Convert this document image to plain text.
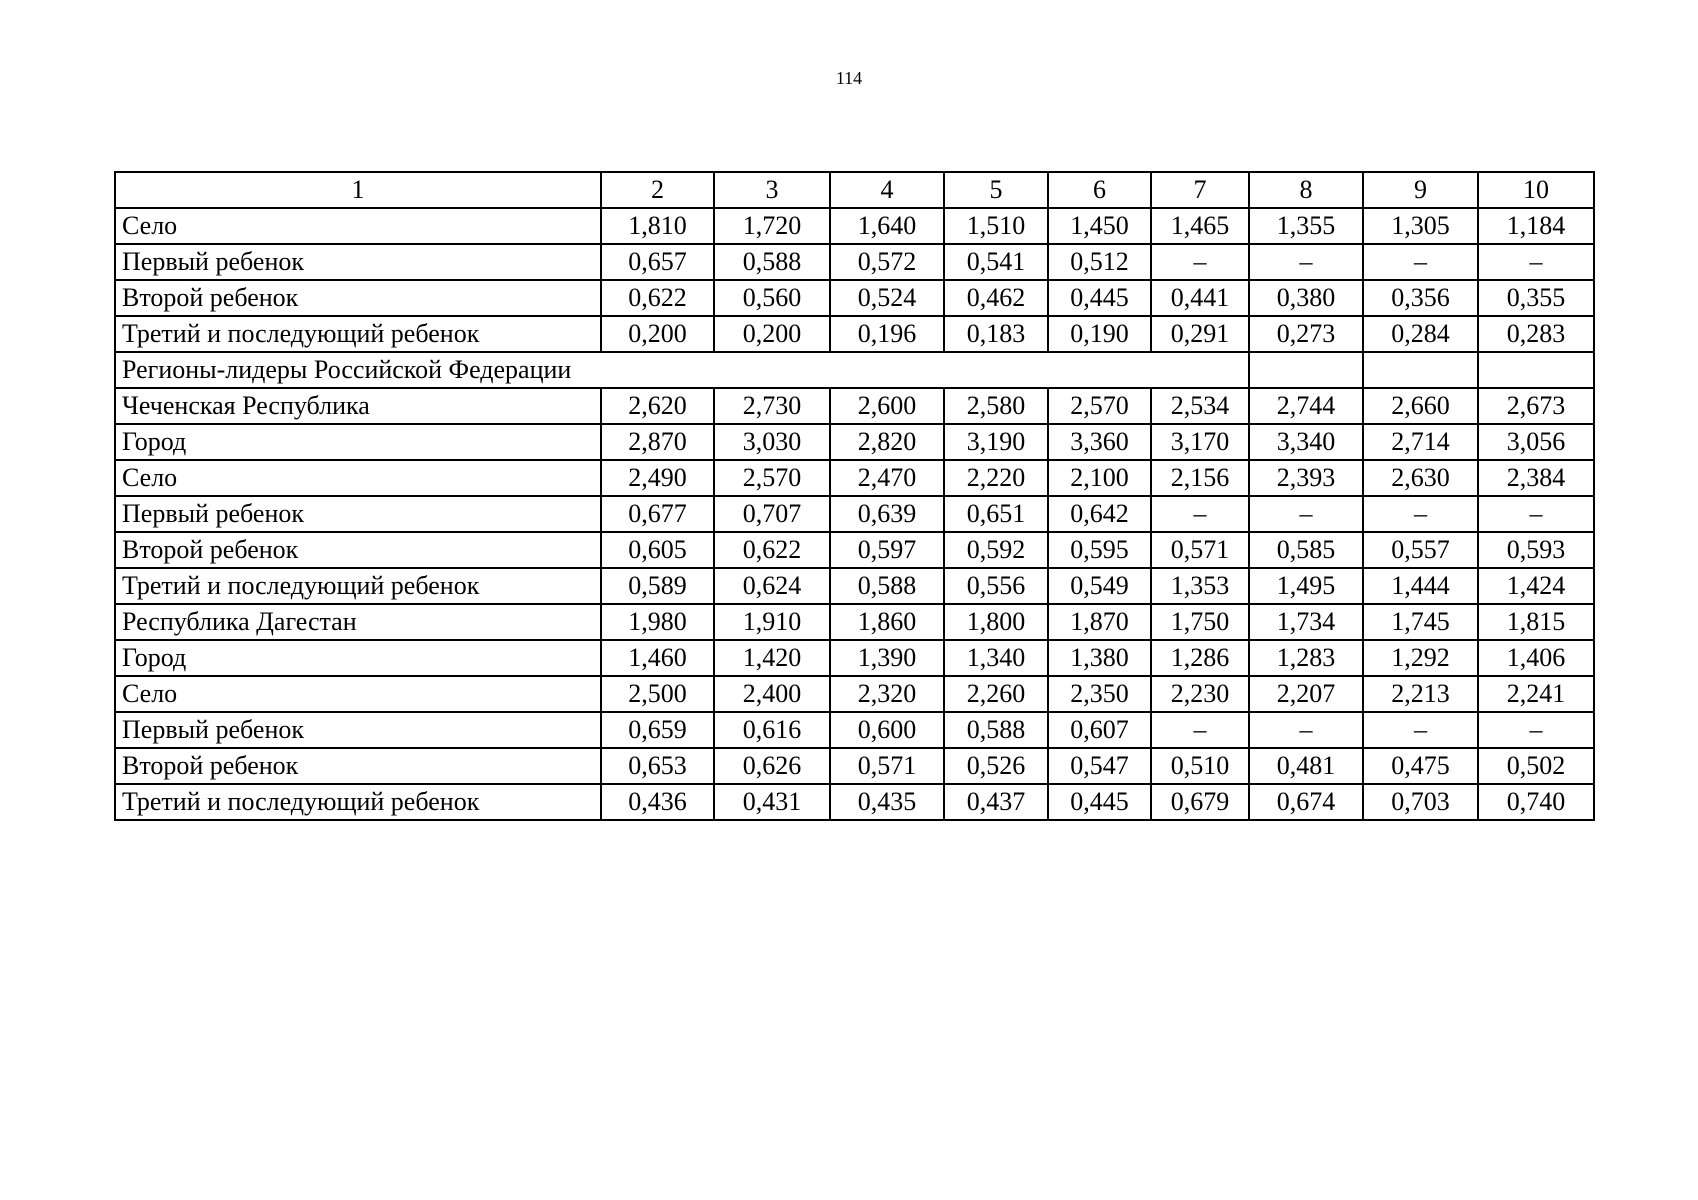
114
1	2	3	4	5	6	7	8	9	10
Село	1,810	1,720	1,640	1,510	1,450	1,465	1,355	1,305	1,184
Первый ребенок	0,657	0,588	0,572	0,541	0,512	–	–	–	–
Второй ребенок	0,622	0,560	0,524	0,462	0,445	0,441	0,380	0,356	0,355
Третий и последующий ребенок	0,200	0,200	0,196	0,183	0,190	0,291	0,273	0,284	0,283
Регионы-лидеры Российской Федерации									
Чеченская Республика	2,620	2,730	2,600	2,580	2,570	2,534	2,744	2,660	2,673
Город	2,870	3,030	2,820	3,190	3,360	3,170	3,340	2,714	3,056
Село	2,490	2,570	2,470	2,220	2,100	2,156	2,393	2,630	2,384
Первый ребенок	0,677	0,707	0,639	0,651	0,642	–	–	–	–
Второй ребенок	0,605	0,622	0,597	0,592	0,595	0,571	0,585	0,557	0,593
Третий и последующий ребенок	0,589	0,624	0,588	0,556	0,549	1,353	1,495	1,444	1,424
Республика Дагестан	1,980	1,910	1,860	1,800	1,870	1,750	1,734	1,745	1,815
Город	1,460	1,420	1,390	1,340	1,380	1,286	1,283	1,292	1,406
Село	2,500	2,400	2,320	2,260	2,350	2,230	2,207	2,213	2,241
Первый ребенок	0,659	0,616	0,600	0,588	0,607	–	–	–	–
Второй ребенок	0,653	0,626	0,571	0,526	0,547	0,510	0,481	0,475	0,502
Третий и последующий ребенок	0,436	0,431	0,435	0,437	0,445	0,679	0,674	0,703	0,740
